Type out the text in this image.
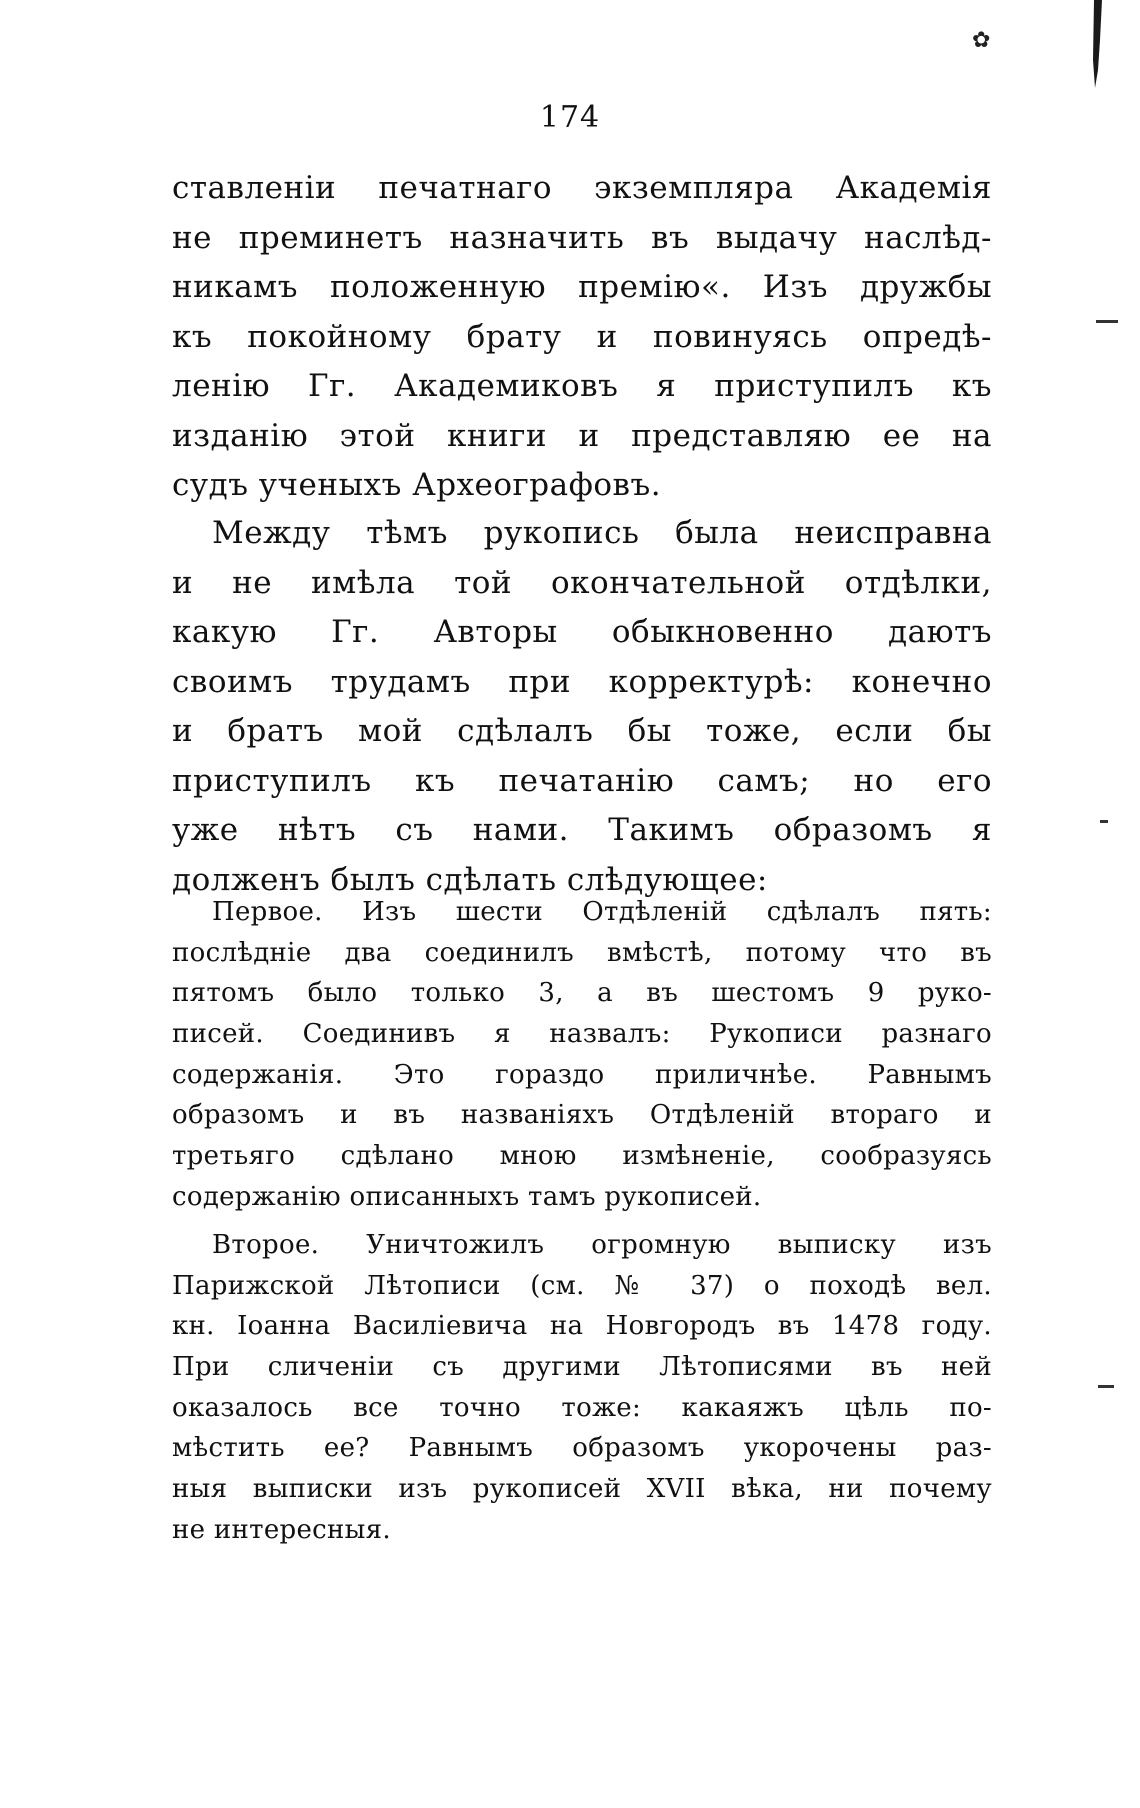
✿
174
ставленіи печатнаго экземпляра Академія
не преминетъ назначить въ выдачу наслѣд-
никамъ положенную премію«. Изъ дружбы
къ покойному брату и повинуясь опредѣ-
ленію Гг. Академиковъ я приступилъ къ
изданію этой книги и представляю ее на
судъ ученыхъ Археографовъ.
Между тѣмъ рукопись была неисправна
и не имѣла той окончательной отдѣлки,
какую Гг. Авторы обыкновенно даютъ
своимъ трудамъ при корректурѣ: конечно
и братъ мой сдѣлалъ бы тоже, если бы
приступилъ къ печатанію самъ; но его
уже нѣтъ съ нами. Такимъ образомъ я
долженъ былъ сдѣлать слѣдующее:
Первое. Изъ шести Отдѣленій сдѣлалъ пять:
послѣдніе два соединилъ вмѣстѣ, потому что въ
пятомъ было только 3, а въ шестомъ 9 руко-
писей. Соединивъ я назвалъ: Рукописи разнаго
содержанія. Это гораздо приличнѣе. Равнымъ
образомъ и въ названіяхъ Отдѣленій втораго и
третьяго сдѣлано мною измѣненіе, сообразуясь
содержанію описанныхъ тамъ рукописей.
Второе. Уничтожилъ огромную выписку изъ
Парижской Лѣтописи (см. № 37) о походѣ вел.
кн. Іоанна Василіевича на Новгородъ въ 1478 году.
При сличеніи съ другими Лѣтописями въ ней
оказалось все точно тоже: какаяжъ цѣль по-
мѣстить ее? Равнымъ образомъ укорочены раз-
ныя выписки изъ рукописей XVII вѣка, ни почему
не интересныя.
